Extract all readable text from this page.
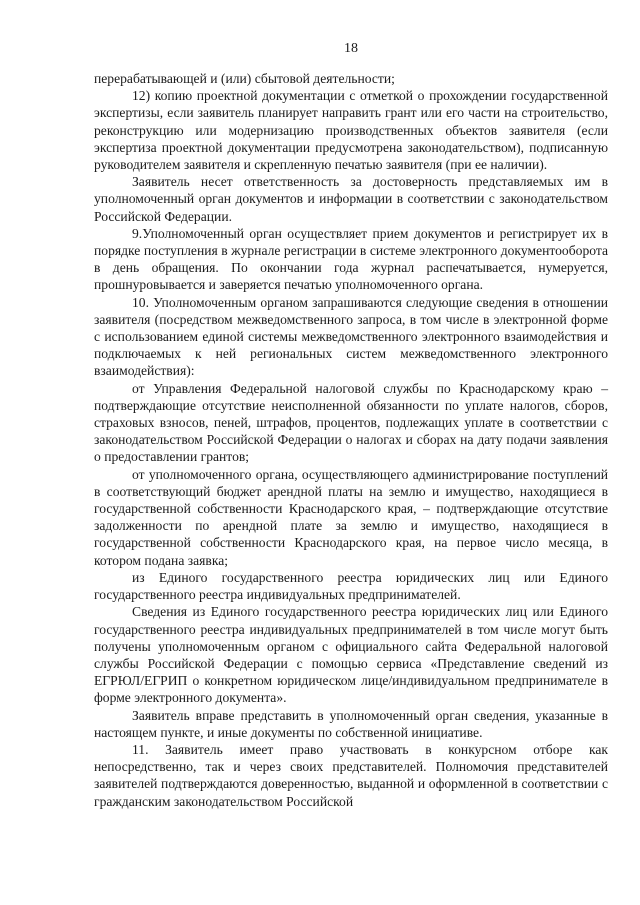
18

перерабатывающей и (или) сбытовой деятельности;

12) копию проектной документации с отметкой о прохождении государственной экспертизы, если заявитель планирует направить грант или его части на строительство, реконструкцию или модернизацию производственных объектов заявителя (если экспертиза проектной документации предусмотрена законодательством), подписанную руководителем заявителя и скрепленную печатью заявителя (при ее наличии).

Заявитель несет ответственность за достоверность представляемых им в уполномоченный орган документов и информации в соответствии с законодательством Российской Федерации.

9.Уполномоченный орган осуществляет прием документов и регистрирует их в порядке поступления в журнале регистрации в системе электронного документооборота в день обращения. По окончании года журнал распечатывается, нумеруется, прошнуровывается и заверяется печатью уполномоченного органа.

10. Уполномоченным органом запрашиваются следующие сведения в отношении заявителя (посредством межведомственного запроса, в том числе в электронной форме с использованием единой системы межведомственного электронного взаимодействия и подключаемых к ней региональных систем межведомственного электронного взаимодействия):

от Управления Федеральной налоговой службы по Краснодарскому краю – подтверждающие отсутствие неисполненной обязанности по уплате налогов, сборов, страховых взносов, пеней, штрафов, процентов, подлежащих уплате в соответствии с законодательством Российской Федерации о налогах и сборах на дату подачи заявления о предоставлении грантов;

от уполномоченного органа, осуществляющего администрирование поступлений в соответствующий бюджет арендной платы на землю и имущество, находящиеся в государственной собственности Краснодарского края, – подтверждающие отсутствие задолженности по арендной плате за землю и имущество, находящиеся в государственной собственности Краснодарского края, на первое число месяца, в котором подана заявка;

из Единого государственного реестра юридических лиц или Единого государственного реестра индивидуальных предпринимателей.

Сведения из Единого государственного реестра юридических лиц или Единого государственного реестра индивидуальных предпринимателей в том числе могут быть получены уполномоченным органом с официального сайта Федеральной налоговой службы Российской Федерации с помощью сервиса «Представление сведений из ЕГРЮЛ/ЕГРИП о конкретном юридическом лице/индивидуальном предпринимателе в форме электронного документа».

Заявитель вправе представить в уполномоченный орган сведения, указанные в настоящем пункте, и иные документы по собственной инициативе.

11. Заявитель имеет право участвовать в конкурсном отборе как непосредственно, так и через своих представителей. Полномочия представителей заявителей подтверждаются доверенностью, выданной и оформленной в соответствии с гражданским законодательством Российской
